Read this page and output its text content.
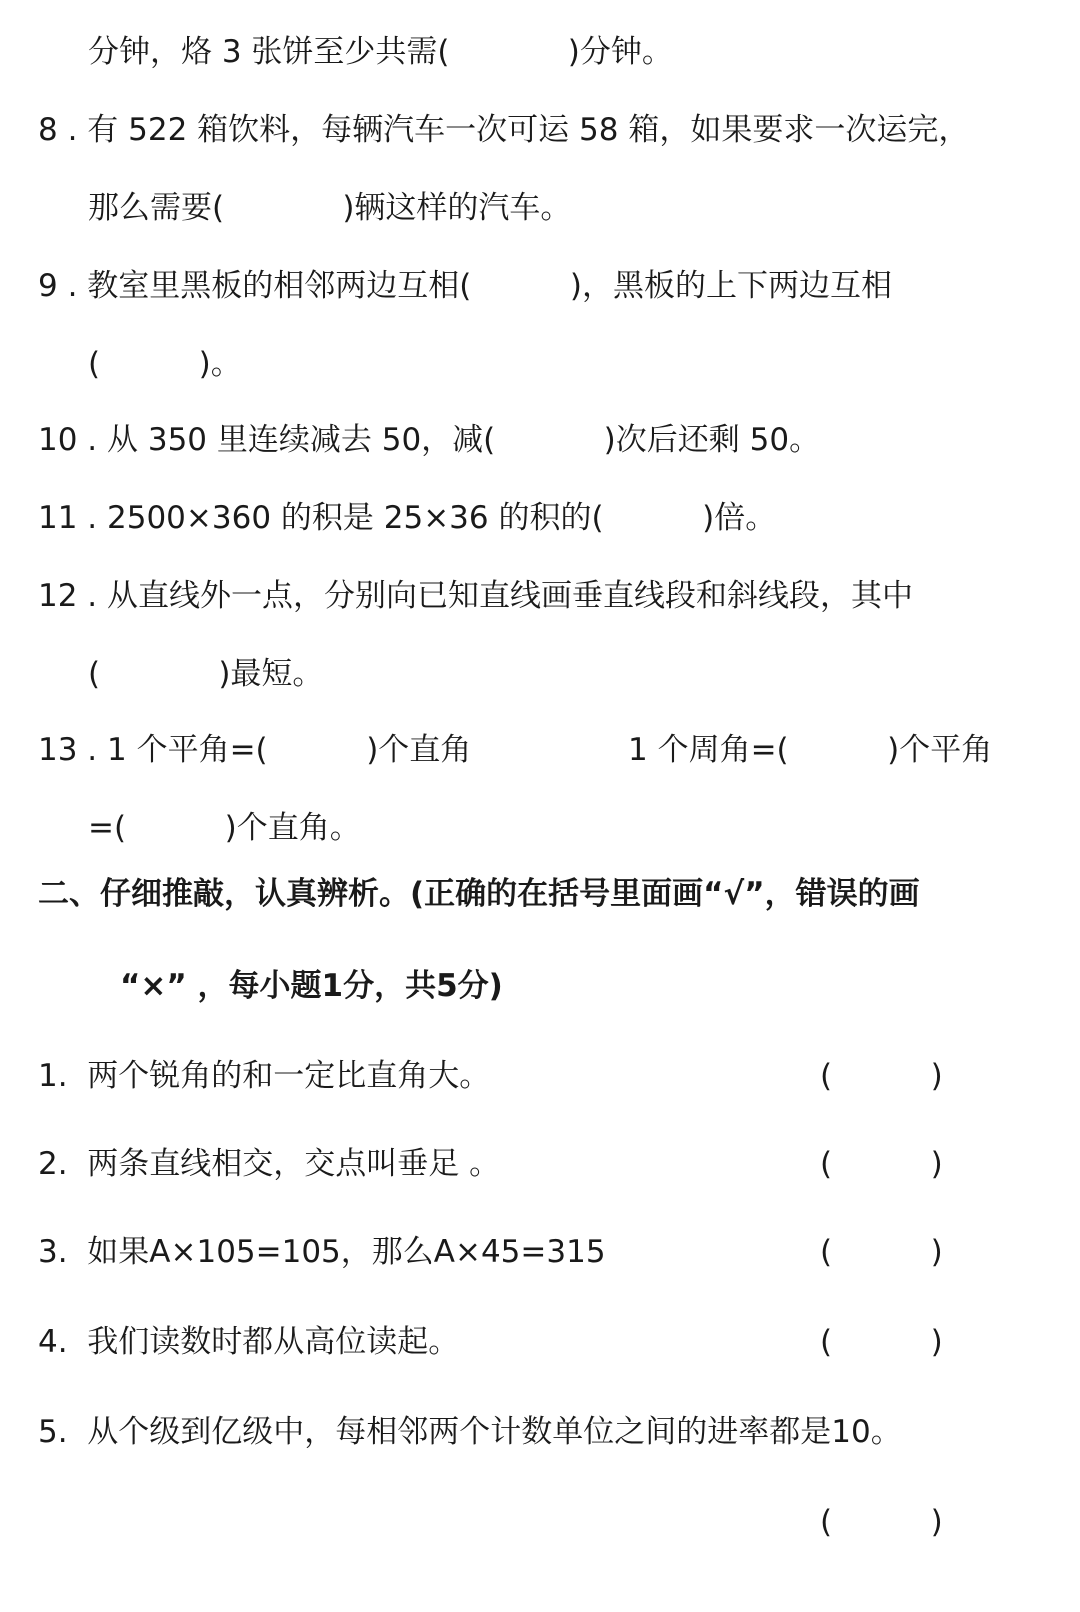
分钟，烙 3 张饼至少共需(            )分钟。
8 . 有 522 箱饮料，每辆汽车一次可运 58 箱，如果要求一次运完，
那么需要(            )辆这样的汽车。
9 . 教室里黑板的相邻两边互相(          )，黑板的上下两边互相
(          )。
10 . 从 350 里连续减去 50，减(           )次后还剩 50。
11 . 2500×360 的积是 25×36 的积的(          )倍。
12 . 从直线外一点，分别向已知直线画垂直线段和斜线段，其中
(            )最短。
13 . 1 个平角=(          )个直角	1 个周角=(          )个平角
=(          )个直角。
二、仔细推敲，认真辨析。(正确的在括号里面画“√”，错误的画
“×” ，每小题1分，共5分)
1.  两个锐角的和一定比直角大。	(          )
2.  两条直线相交，交点叫垂足 。	(          )
3.  如果A×105=105，那么A×45=315	(          )
4.  我们读数时都从高位读起。	(          )
5.  从个级到亿级中，每相邻两个计数单位之间的进率都是10。
(          )
